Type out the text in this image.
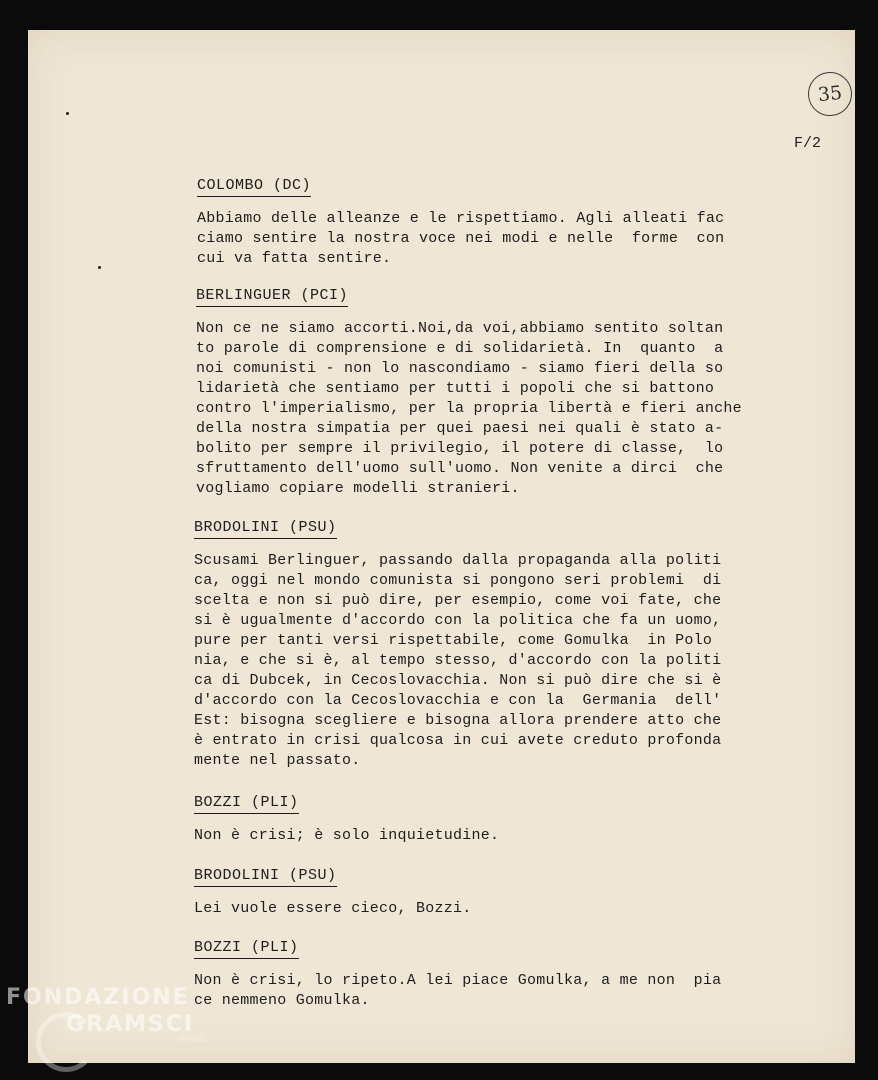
35
F/2
COLOMBO (DC)
Abbiamo delle alleanze e le rispettiamo. Agli alleati fac
ciamo sentire la nostra voce nei modi e nelle  forme  con
cui va fatta sentire.
BERLINGUER (PCI)
Non ce ne siamo accorti.Noi,da voi,abbiamo sentito soltan
to parole di comprensione e di solidarietà. In  quanto  a
noi comunisti - non lo nascondiamo - siamo fieri della so
lidarietà che sentiamo per tutti i popoli che si battono
contro l'imperialismo, per la propria libertà e fieri anche
della nostra simpatia per quei paesi nei quali è stato a-
bolito per sempre il privilegio, il potere di classe,  lo
sfruttamento dell'uomo sull'uomo. Non venite a dirci  che
vogliamo copiare modelli stranieri.
BRODOLINI (PSU)
Scusami Berlinguer, passando dalla propaganda alla politi
ca, oggi nel mondo comunista si pongono seri problemi  di
scelta e non si può dire, per esempio, come voi fate, che
si è ugualmente d'accordo con la politica che fa un uomo,
pure per tanti versi rispettabile, come Gomulka  in Polo
nia, e che si è, al tempo stesso, d'accordo con la politi
ca di Dubcek, in Cecoslovacchia. Non si può dire che si è
d'accordo con la Cecoslovacchia e con la  Germania  dell'
Est: bisogna scegliere e bisogna allora prendere atto che
è entrato in crisi qualcosa in cui avete creduto profonda
mente nel passato.
BOZZI (PLI)
Non è crisi; è solo inquietudine.
BRODOLINI (PSU)
Lei vuole essere cieco, Bozzi.
BOZZI (PLI)
Non è crisi, lo ripeto.A lei piace Gomulka, a me non  pia
ce nemmeno Gomulka.
FONDAZIONE
GRAMSCI
onlus
